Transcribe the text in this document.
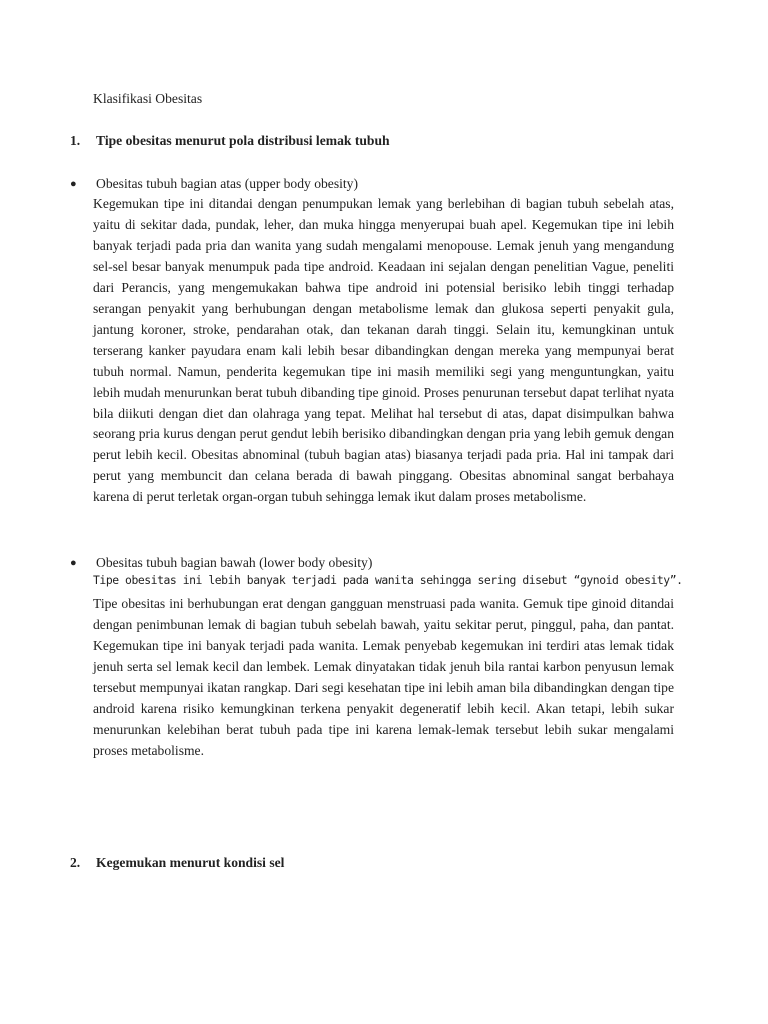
Klasifikasi Obesitas

1. Tipe obesitas menurut pola distribusi lemak tubuh

● Obesitas tubuh bagian atas (upper body obesity)

Kegemukan tipe ini ditandai dengan penumpukan lemak yang berlebihan di bagian tubuh sebelah atas, yaitu di sekitar dada, pundak, leher, dan muka hingga menyerupai buah apel. Kegemukan tipe ini lebih banyak terjadi pada pria dan wanita yang sudah mengalami menopouse. Lemak jenuh yang mengandung sel-sel besar banyak menumpuk pada tipe android. Keadaan ini sejalan dengan penelitian Vague, peneliti dari Perancis, yang mengemukakan bahwa tipe android ini potensial berisiko lebih tinggi terhadap serangan penyakit yang berhubungan dengan metabolisme lemak dan glukosa seperti penyakit gula, jantung koroner, stroke, pendarahan otak, dan tekanan darah tinggi. Selain itu, kemungkinan untuk terserang kanker payudara enam kali lebih besar dibandingkan dengan mereka yang mempunyai berat tubuh normal. Namun, penderita kegemukan tipe ini masih memiliki segi yang menguntungkan, yaitu lebih mudah menurunkan berat tubuh dibanding tipe ginoid. Proses penurunan tersebut dapat terlihat nyata bila diikuti dengan diet dan olahraga yang tepat. Melihat hal tersebut di atas, dapat disimpulkan bahwa seorang pria kurus dengan perut gendut lebih berisiko dibandingkan dengan pria yang lebih gemuk dengan perut lebih kecil. Obesitas abnominal (tubuh bagian atas) biasanya terjadi pada pria. Hal ini tampak dari perut yang membuncit dan celana berada di bawah pinggang. Obesitas abnominal sangat berbahaya karena di perut terletak organ-organ tubuh sehingga lemak ikut dalam proses metabolisme.

● Obesitas tubuh bagian bawah (lower body obesity)

Tipe obesitas ini lebih banyak terjadi pada wanita sehingga sering disebut “gynoid obesity”.

Tipe obesitas ini berhubungan erat dengan gangguan menstruasi pada wanita. Gemuk tipe ginoid ditandai dengan penimbunan lemak di bagian tubuh sebelah bawah, yaitu sekitar perut, pinggul, paha, dan pantat. Kegemukan tipe ini banyak terjadi pada wanita. Lemak penyebab kegemukan ini terdiri atas lemak tidak jenuh serta sel lemak kecil dan lembek. Lemak dinyatakan tidak jenuh bila rantai karbon penyusun lemak tersebut mempunyai ikatan rangkap. Dari segi kesehatan tipe ini lebih aman bila dibandingkan dengan tipe android karena risiko kemungkinan terkena penyakit degeneratif lebih kecil. Akan tetapi, lebih sukar menurunkan kelebihan berat tubuh pada tipe ini karena lemak-lemak tersebut lebih sukar mengalami proses metabolisme.

2. Kegemukan menurut kondisi sel
